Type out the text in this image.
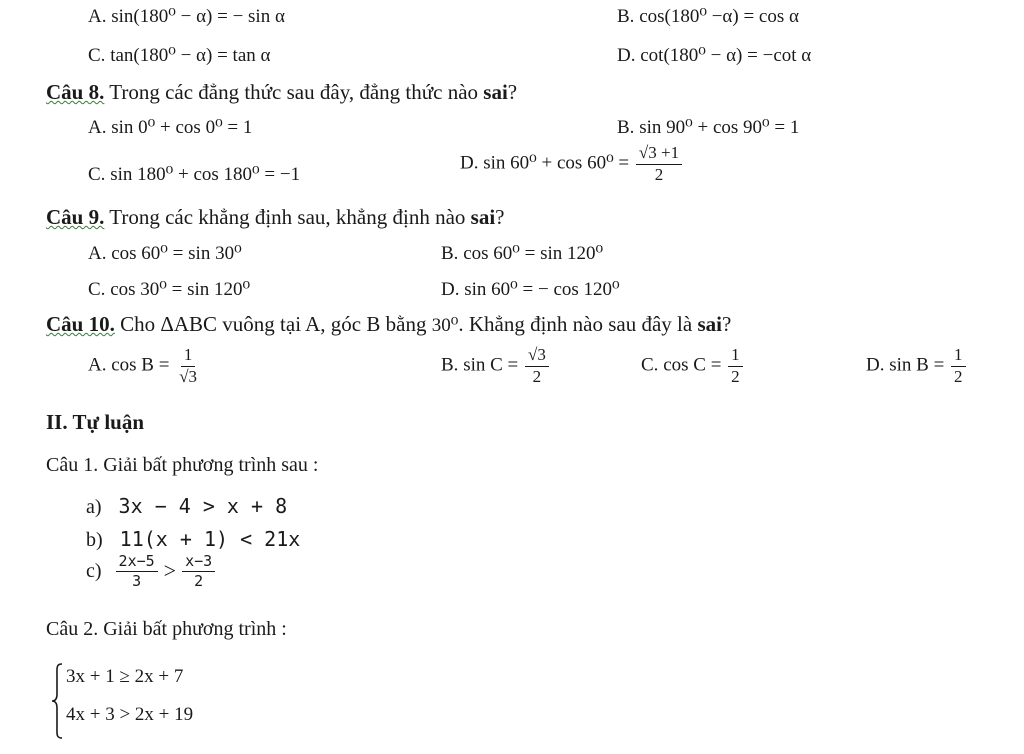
A. sin(180⁰ − α) = − sin α	B. cos(180⁰ −α) = cos α
C. tan(180⁰ − α) = tan α	D. cot(180⁰ − α) = −cot α
Câu 8. Trong các đẳng thức sau đây, đẳng thức nào sai?
A. sin 0⁰ + cos 0⁰ = 1	B. sin 90⁰ + cos 90⁰ = 1
C. sin 180⁰ + cos 180⁰ = −1
D. $\sin 60^0 + \cos 60^0 = \frac{√3 +1}{2}$
Câu 9. Trong các khẳng định sau, khẳng định nào sai?
A. cos 60⁰ = sin 30⁰	B. cos 60⁰ = sin 120⁰
C. cos 30⁰ = sin 120⁰	D. sin 60⁰ = − cos 120⁰
Câu 10. Cho ΔABC vuông tại A, góc B bằng 30⁰. Khẳng định nào sau đây là sai?
A. $\cos B = \frac{1}{√3}$	B. $\sin C = \frac{√3}{2}$	C. $\cos C = \frac{1}{2}$	D. $\sin B = \frac{1}{2}$
II. Tự luận
Câu 1. Giải bất phương trình sau :
a) 3x − 4 > x + 8
b) 11(x + 1) < 21x
$c) \frac{2x-5}{3} > \frac{x-3}{2}$
Câu 2. Giải bất phương trình :
3x + 1 ≥ 2x + 7
4x + 3 > 2x + 19
